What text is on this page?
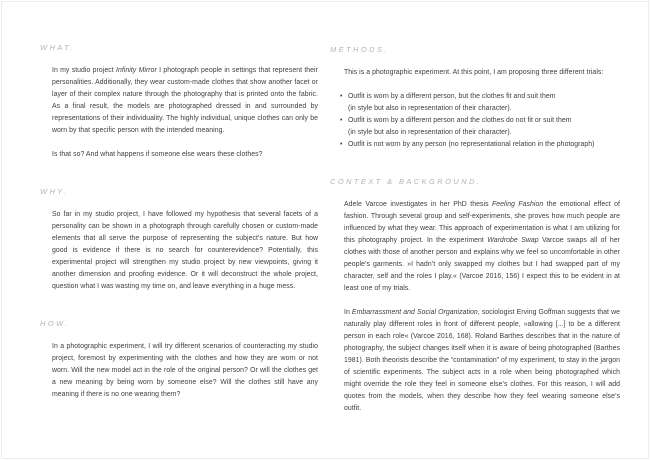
WHAT.

In my studio project Infinity Mirror I photograph people in settings that represent their personalities. Additionally, they wear custom-made clothes that show another facet or layer of their complex nature through the photography that is printed onto the fabric. As a final result, the models are photographed dressed in and surrounded by representations of their individuality. The highly individual, unique clothes can only be worn by that specific person with the intended meaning.

Is that so? And what happens if someone else wears these clothes?

WHY.

So far in my studio project, I have followed my hypothesis that several facets of a personality can be shown in a photograph through carefully chosen or custom-made elements that all serve the purpose of representing the subject’s nature. But how good is evidence if there is no search for counterevidence? Potentially, this experimental project will strengthen my studio project by new viewpoints, giving it another dimension and proofing evidence. Or it will deconstruct the whole project, question what I was wasting my time on, and leave everything in a huge mess.

HOW.

In a photographic experiment, I will try different scenarios of counteracting my studio project, foremost by experimenting with the clothes and how they are worn or not worn. Will the new model act in the role of the original person? Or will the clothes get a new meaning by being worn by someone else? Will the clothes still have any meaning if there is no one wearing them?

METHODS.

This is a photographic experiment. At this point, I am proposing three different trials:

• Outfit is worn by a different person, but the clothes fit and suit them
(in style but also in representation of their character).
• Outfit is worn by a different person and the clothes do not fit or suit them
(in style but also in representation of their character).
• Outfit is not worn by any person (no representational relation in the photograph)
CONTEXT & BACKGROUND.

Adele Varcoe investigates in her PhD thesis Feeling Fashion the emotional effect of fashion. Through several group and self-experiments, she proves how much people are influenced by what they wear. This approach of experimentation is what I am utilizing for this photography project. In the experiment Wardrobe Swap Varcoe swaps all of her clothes with those of another person and explains why we feel so uncomfortable in other people’s garments. »I hadn’t only swapped my clothes but I had swapped part of my character, self and the roles I play.« (Varcoe 2016, 156) I expect this to be evident in at least one of my trials.

In Embarrassment and Social Organization, sociologist Erving Goffman suggests that we naturally play different roles in front of different people, »allowing [...] to be a different person in each role« (Varcoe 2016, 168). Roland Barthes describes that in the nature of photography, the subject changes itself when it is aware of being photographed (Barthes 1981). Both theorists describe the “contamination” of my experiment, to stay in the jargon of scientific experiments. The subject acts in a role when being photographed which might override the role they feel in someone else’s clothes. For this reason, I will add quotes from the models, when they describe how they feel wearing someone else’s outfit.
